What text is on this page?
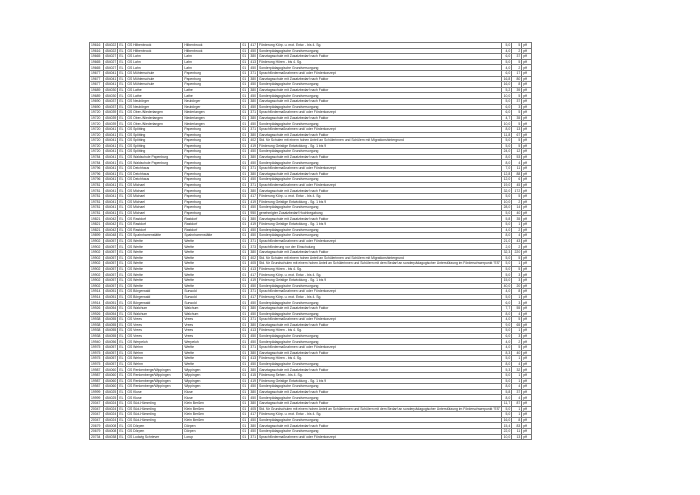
19616	454022	EL	GS Hilbenbrook	Hilbenbrook	01	417	Förderung Körp. u. mot. Entw. - bis 4. Sg.	5,0	5	pff
19616	454022	EL	GS Hilbenbrook	Hilbenbrook	01	450	Sonderpädagogische Grundversorgung	4,0	2	pff
19665	454027	EL	GS Lahn	Lahn	01	380	Ganztagsschule mit Zusatzbedarf nach Faktor	6,0	37	pff
19665	454027	EL	GS Lahn	Lahn	01	413	Förderung Hören - bis 4. Sg.	5,0	5	pff
19665	454027	EL	GS Lahn	Lahn	01	450	Sonderpädagogische Grundversorgung	4,0	2	pff
19677	454041	EL	GS Mühlenschule	Papenburg	01	371	Sprachfördermaßnahmen und/ oder Förderkonzept	6,0	17	pff
19677	454041	EL	GS Mühlenschule	Papenburg	01	380	Ganztagsschule mit Zusatzbedarf nach Faktor	16,8	80	pff
19677	454041	EL	GS Mühlenschule	Papenburg	01	450	Sonderpädagogische Grundversorgung	16,0	8	pff
19689	454030	EL	GS Lathe	Lathe	01	380	Ganztagsschule mit Zusatzbedarf nach Faktor	5,2	39	pff
19689	454030	EL	GS Lathe	Lathe	01	450	Sonderpädagogische Grundversorgung	10,0	5	pff
19690	454037	EL	GS Neubörger	Neubörger	01	380	Ganztagsschule mit Zusatzbedarf nach Faktor	5,0	37	pff
19690	454037	EL	GS Neubörger	Neubörger	01	450	Sonderpädagogische Grundversorgung	6,0	3	pff
19720	454039	EL	GS Ober-/Niederlangen	Niederlangen	01	371	Sprachfördermaßnahmen und/ oder Förderkonzept	6,0	5	pff
19720	454039	EL	GS Ober-/Niederlangen	Niederlangen	01	380	Ganztagsschule mit Zusatzbedarf nach Faktor	4,7	35	pff
19720	454039	EL	GS Ober-/Niederlangen	Niederlangen	01	450	Sonderpädagogische Grundversorgung	10,0	5	pff
19720	454041	EL	GS Splitting	Papenburg	01	371	Sprachfördermaßnahmen und/ oder Förderkonzept	8,0	13	pff
19720	454041	EL	GS Splitting	Papenburg	01	380	Ganztagsschule mit Zusatzbedarf nach Faktor	11,8	67	pff
19720	454041	EL	GS Splitting	Papenburg	01	402	Std. für Schulen mit einem hohen Anteil an Schülerinnen und Schülern mit Migrationshintergrund	5,0	5	pff
19720	454041	EL	GS Splitting	Papenburg	01	419	Förderung Geistige Entwicklung - Sg. 1 bis 9	5,0	5	pff
19720	454041	EL	GS Splitting	Papenburg	01	450	Sonderpädagogische Grundversorgung	24,0	12	pff
19784	454041	EL	GS Waldschule Papenburg	Papenburg	01	380	Ganztagsschule mit Zusatzbedarf nach Faktor	8,0	53	pff
19784	454041	EL	GS Waldschule Papenburg	Papenburg	01	450	Sonderpädagogische Grundversorgung	8,0	4	pff
19796	454041	EL	GS Deichhaus	Papenburg	01	371	Sprachfördermaßnahmen und/ oder Förderkonzept	7,0	11	pff
19796	454041	EL	GS Deichhaus	Papenburg	01	380	Ganztagsschule mit Zusatzbedarf nach Faktor	12,8	88	pff
19796	454041	EL	GS Deichhaus	Papenburg	01	450	Sonderpädagogische Grundversorgung	12,0	6	pff
19781	454041	EL	GS Michael	Papenburg	01	371	Sprachfördermaßnahmen und/ oder Förderkonzept	19,0	45	pff
19781	454041	EL	GS Michael	Papenburg	01	380	Ganztagsschule mit Zusatzbedarf nach Faktor	32,0	172	pff
19781	454041	EL	GS Michael	Papenburg	01	417	Förderung Körp. u. mot. Entw. - bis 4. Sg.	5,0	5	pff
19781	454041	EL	GS Michael	Papenburg	01	419	Förderung Geistige Entwicklung - Sg. 1 bis 9	10,0	2	pff
19781	454041	EL	GS Michael	Papenburg	01	450	Sonderpädagogische Grundversorgung	28,0	14	pff
19781	454041	EL	GS Michael	Papenburg	01	950	genehmigter Zusatzbedarf Hochbegabung	5,0	40	pff
19821	454042	EL	GS Rastdorf	Rastdorf	01	380	Ganztagsschule mit Zusatzbedarf nach Faktor	5,8	35	pff
19821	454042	EL	GS Rastdorf	Rastdorf	01	419	Förderung Geistige Entwicklung - Sg. 1 bis 9	5,0	1	pff
19821	454042	EL	GS Rastdorf	Rastdorf	01	450	Sonderpädagogische Grundversorgung	4,0	2	pff
19899	454048	EL	GS Spahnharrenstätte	Spahnharrenstätte	01	450	Sonderpädagogische Grundversorgung	8,0	4	pff
19902	454057	EL	GS Werlte	Werlte	01	371	Sprachfördermaßnahmen und/ oder Förderkonzept	21,0	43	pff
19902	454057	EL	GS Werlte	Werlte	01	373	Sprachförderung vor der Einschulung	2,0	2	pff
19902	454057	EL	GS Werlte	Werlte	01	380	Ganztagsschule mit Zusatzbedarf nach Faktor	32,3	220	pff
19902	454057	EL	GS Werlte	Werlte	01	402	Std. für Schulen mit einem hohen Anteil an Schülerinnen und Schülern mit Migrationshintergrund	5,0	5	pff
19902	454057	EL	GS Werlte	Werlte	01	405	Std. für Grundschulen mit einem hohen Anteil an Schülerinnen und Schülern mit dem Bedarf an sonderpädagogischer Unterstützung im Förderschwerpunkt "ES"	5,0	1	pff
19902	454057	EL	GS Werlte	Werlte	01	413	Förderung Hören - bis 4. Sg.	5,0	5	pff
19902	454057	EL	GS Werlte	Werlte	01	417	Förderung Körp. u. mot. Entw. - bis 4. Sg.	5,0	3	pff
19902	454057	EL	GS Werlte	Werlte	01	419	Förderung Geistige Entwicklung - Sg. 1 bis 9	15,0	3	pff
19902	454057	EL	GS Werlte	Werlte	01	450	Sonderpädagogische Grundversorgung	40,0	20	pff
19914	454051	EL	GS Börgerwald	Surwold	01	371	Sprachfördermaßnahmen und/ oder Förderkonzept	4,0	8	pff
19914	454051	EL	GS Börgerwald	Surwold	01	417	Förderung Körp. u. mot. Entw. - bis 4. Sg.	5,0	1	pff
19914	454051	EL	GS Börgerwald	Surwold	01	450	Sonderpädagogische Grundversorgung	6,0	3	pff
19926	454054	EL	GS Walchum	Walchum	01	380	Ganztagsschule mit Zusatzbedarf nach Faktor	7,7	55	pff
19926	454054	EL	GS Walchum	Walchum	01	450	Sonderpädagogische Grundversorgung	8,0	4	pff
19938	454055	EL	GS Vrees	Vrees	01	371	Sprachfördermaßnahmen und/ oder Förderkonzept	4,0	5	pff
19938	454055	EL	GS Vrees	Vrees	01	380	Ganztagsschule mit Zusatzbedarf nach Faktor	9,0	65	pff
19938	454055	EL	GS Vrees	Vrees	01	413	Förderung Hören - bis 4. Sg.	5,0	1	pff
19938	454055	EL	GS Vrees	Vrees	01	450	Sonderpädagogische Grundversorgung	6,0	3	pff
19940	454056	EL	GS Werpeloh	Werpeloh	01	450	Sonderpädagogische Grundversorgung	4,0	2	pff
19975	454057	EL	GS Wehm	Werlte	01	371	Sprachfördermaßnahmen und/ oder Förderkonzept	4,0	5	pff
19975	454057	EL	GS Wehm	Werlte	01	380	Ganztagsschule mit Zusatzbedarf nach Faktor	8,3	40	pff
19975	454057	EL	GS Wehm	Werlte	01	413	Förderung Hören - bis 4. Sg.	5,0	1	pff
19975	454057	EL	GS Wehm	Werlte	01	450	Sonderpädagogische Grundversorgung	8,0	4	pff
19987	454060	EL	GS Renkenberge/Wippingen	Wippingen	01	380	Ganztagsschule mit Zusatzbedarf nach Faktor	5,3	32	pff
19987	454060	EL	GS Renkenberge/Wippingen	Wippingen	01	415	Förderung Sehen - bis 4. Sg.	5,0	1	pff
19987	454060	EL	GS Renkenberge/Wippingen	Wippingen	01	419	Förderung Geistige Entwicklung - Sg. 1 bis 9	5,0	1	pff
19987	454060	EL	GS Renkenberge/Wippingen	Wippingen	01	450	Sonderpädagogische Grundversorgung	8,0	4	pff
19999	454025	EL	GS Kluse	Kluse	01	380	Ganztagsschule mit Zusatzbedarf nach Faktor	5,8	37	pff
19999	454025	EL	GS Kluse	Kluse	01	450	Sonderpädagogische Grundversorgung	8,0	4	pff
20047	454024	EL	GS Süd-Hümmling	Klein Berßen	01	380	Ganztagsschule mit Zusatzbedarf nach Faktor	11,7	87	pff
20047	454024	EL	GS Süd-Hümmling	Klein Berßen	01	405	Std. für Grundschulen mit einem hohen Anteil an Schülerinnen und Schülern mit dem Bedarf an sonderpädagogischer Unterstützung im Förderschwerpunkt "ES"	5,0	1	pff
20047	454024	EL	GS Süd-Hümmling	Klein Berßen	01	417	Förderung Körp. u. mot. Entw. - bis 4. Sg.	5,0	1	pff
20047	454024	EL	GS Süd-Hümmling	Klein Berßen	01	450	Sonderpädagogische Grundversorgung	16,0	8	pff
20679	454008	EL	GS Dörpen	Dörpen	01	380	Ganztagsschule mit Zusatzbedarf nach Faktor	15,4	83	pff
20679	454008	EL	GS Dörpen	Dörpen	01	450	Sonderpädagogische Grundversorgung	22,0	11	pff
20734	454038	EL	GS Ludwig Schriever	Lorup	01	371	Sprachfördermaßnahmen und/ oder Förderkonzept	10,0	13	pff
